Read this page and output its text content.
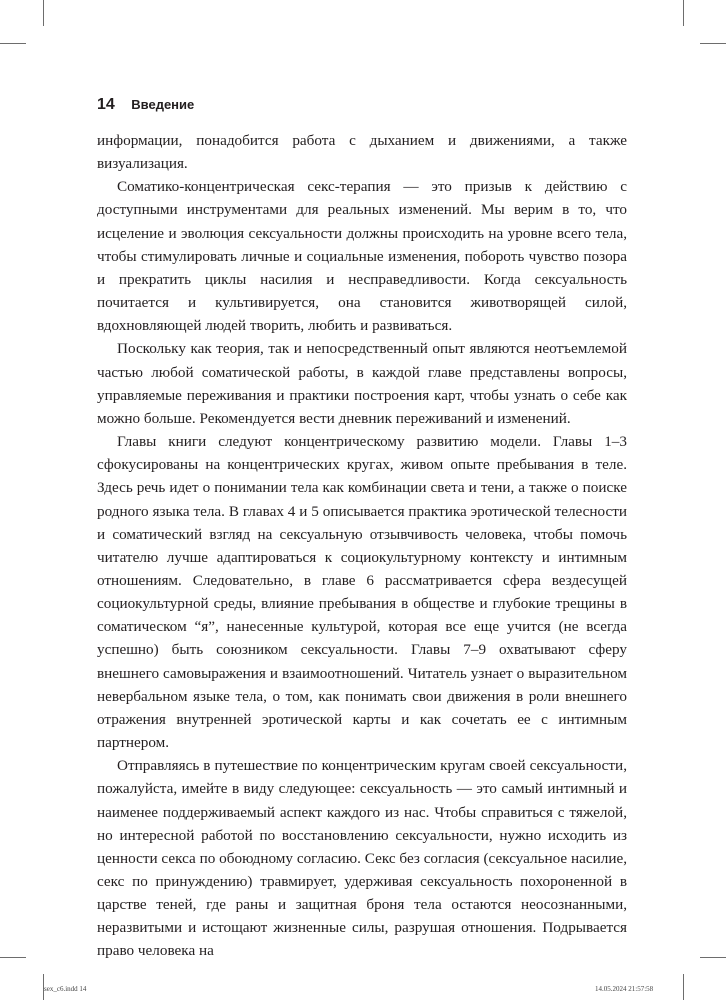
14 Введение

информации, понадобится работа с дыханием и движениями, а также визуализация.

Соматико-концентрическая секс-терапия — это призыв к действию с доступными инструментами для реальных изменений. Мы верим в то, что исцеление и эволюция сексуальности должны происходить на уровне всего тела, чтобы стимулировать личные и социальные изменения, побороть чувство позора и прекратить циклы насилия и несправедливости. Когда сексуальность почитается и культивируется, она становится животворящей силой, вдохновляющей людей творить, любить и развиваться.

Поскольку как теория, так и непосредственный опыт являются неотъемлемой частью любой соматической работы, в каждой главе представлены вопросы, управляемые переживания и практики построения карт, чтобы узнать о себе как можно больше. Рекомендуется вести дневник переживаний и изменений.

Главы книги следуют концентрическому развитию модели. Главы 1–3 сфокусированы на концентрических кругах, живом опыте пребывания в теле. Здесь речь идет о понимании тела как комбинации света и тени, а также о поиске родного языка тела. В главах 4 и 5 описывается практика эротической телесности и соматический взгляд на сексуальную отзывчивость человека, чтобы помочь читателю лучше адаптироваться к социокультурному контексту и интимным отношениям. Следовательно, в главе 6 рассматривается сфера вездесущей социокультурной среды, влияние пребывания в обществе и глубокие трещины в соматическом “я”, нанесенные культурой, которая все еще учится (не всегда успешно) быть союзником сексуальности. Главы 7–9 охватывают сферу внешнего самовыражения и взаимоотношений. Читатель узнает о выразительном невербальном языке тела, о том, как понимать свои движения в роли внешнего отражения внутренней эротической карты и как сочетать ее с интимным партнером.

Отправляясь в путешествие по концентрическим кругам своей сексуальности, пожалуйста, имейте в виду следующее: сексуальность — это самый интимный и наименее поддерживаемый аспект каждого из нас. Чтобы справиться с тяжелой, но интересной работой по восстановлению сексуальности, нужно исходить из ценности секса по обоюдному согласию. Секс без согласия (сексуальное насилие, секс по принуждению) травмирует, удерживая сексуальность похороненной в царстве теней, где раны и защитная броня тела остаются неосознанными, неразвитыми и истощают жизненные силы, разрушая отношения. Подрывается право человека на

sex_c6.indd 14	14.05.2024 21:57:58
